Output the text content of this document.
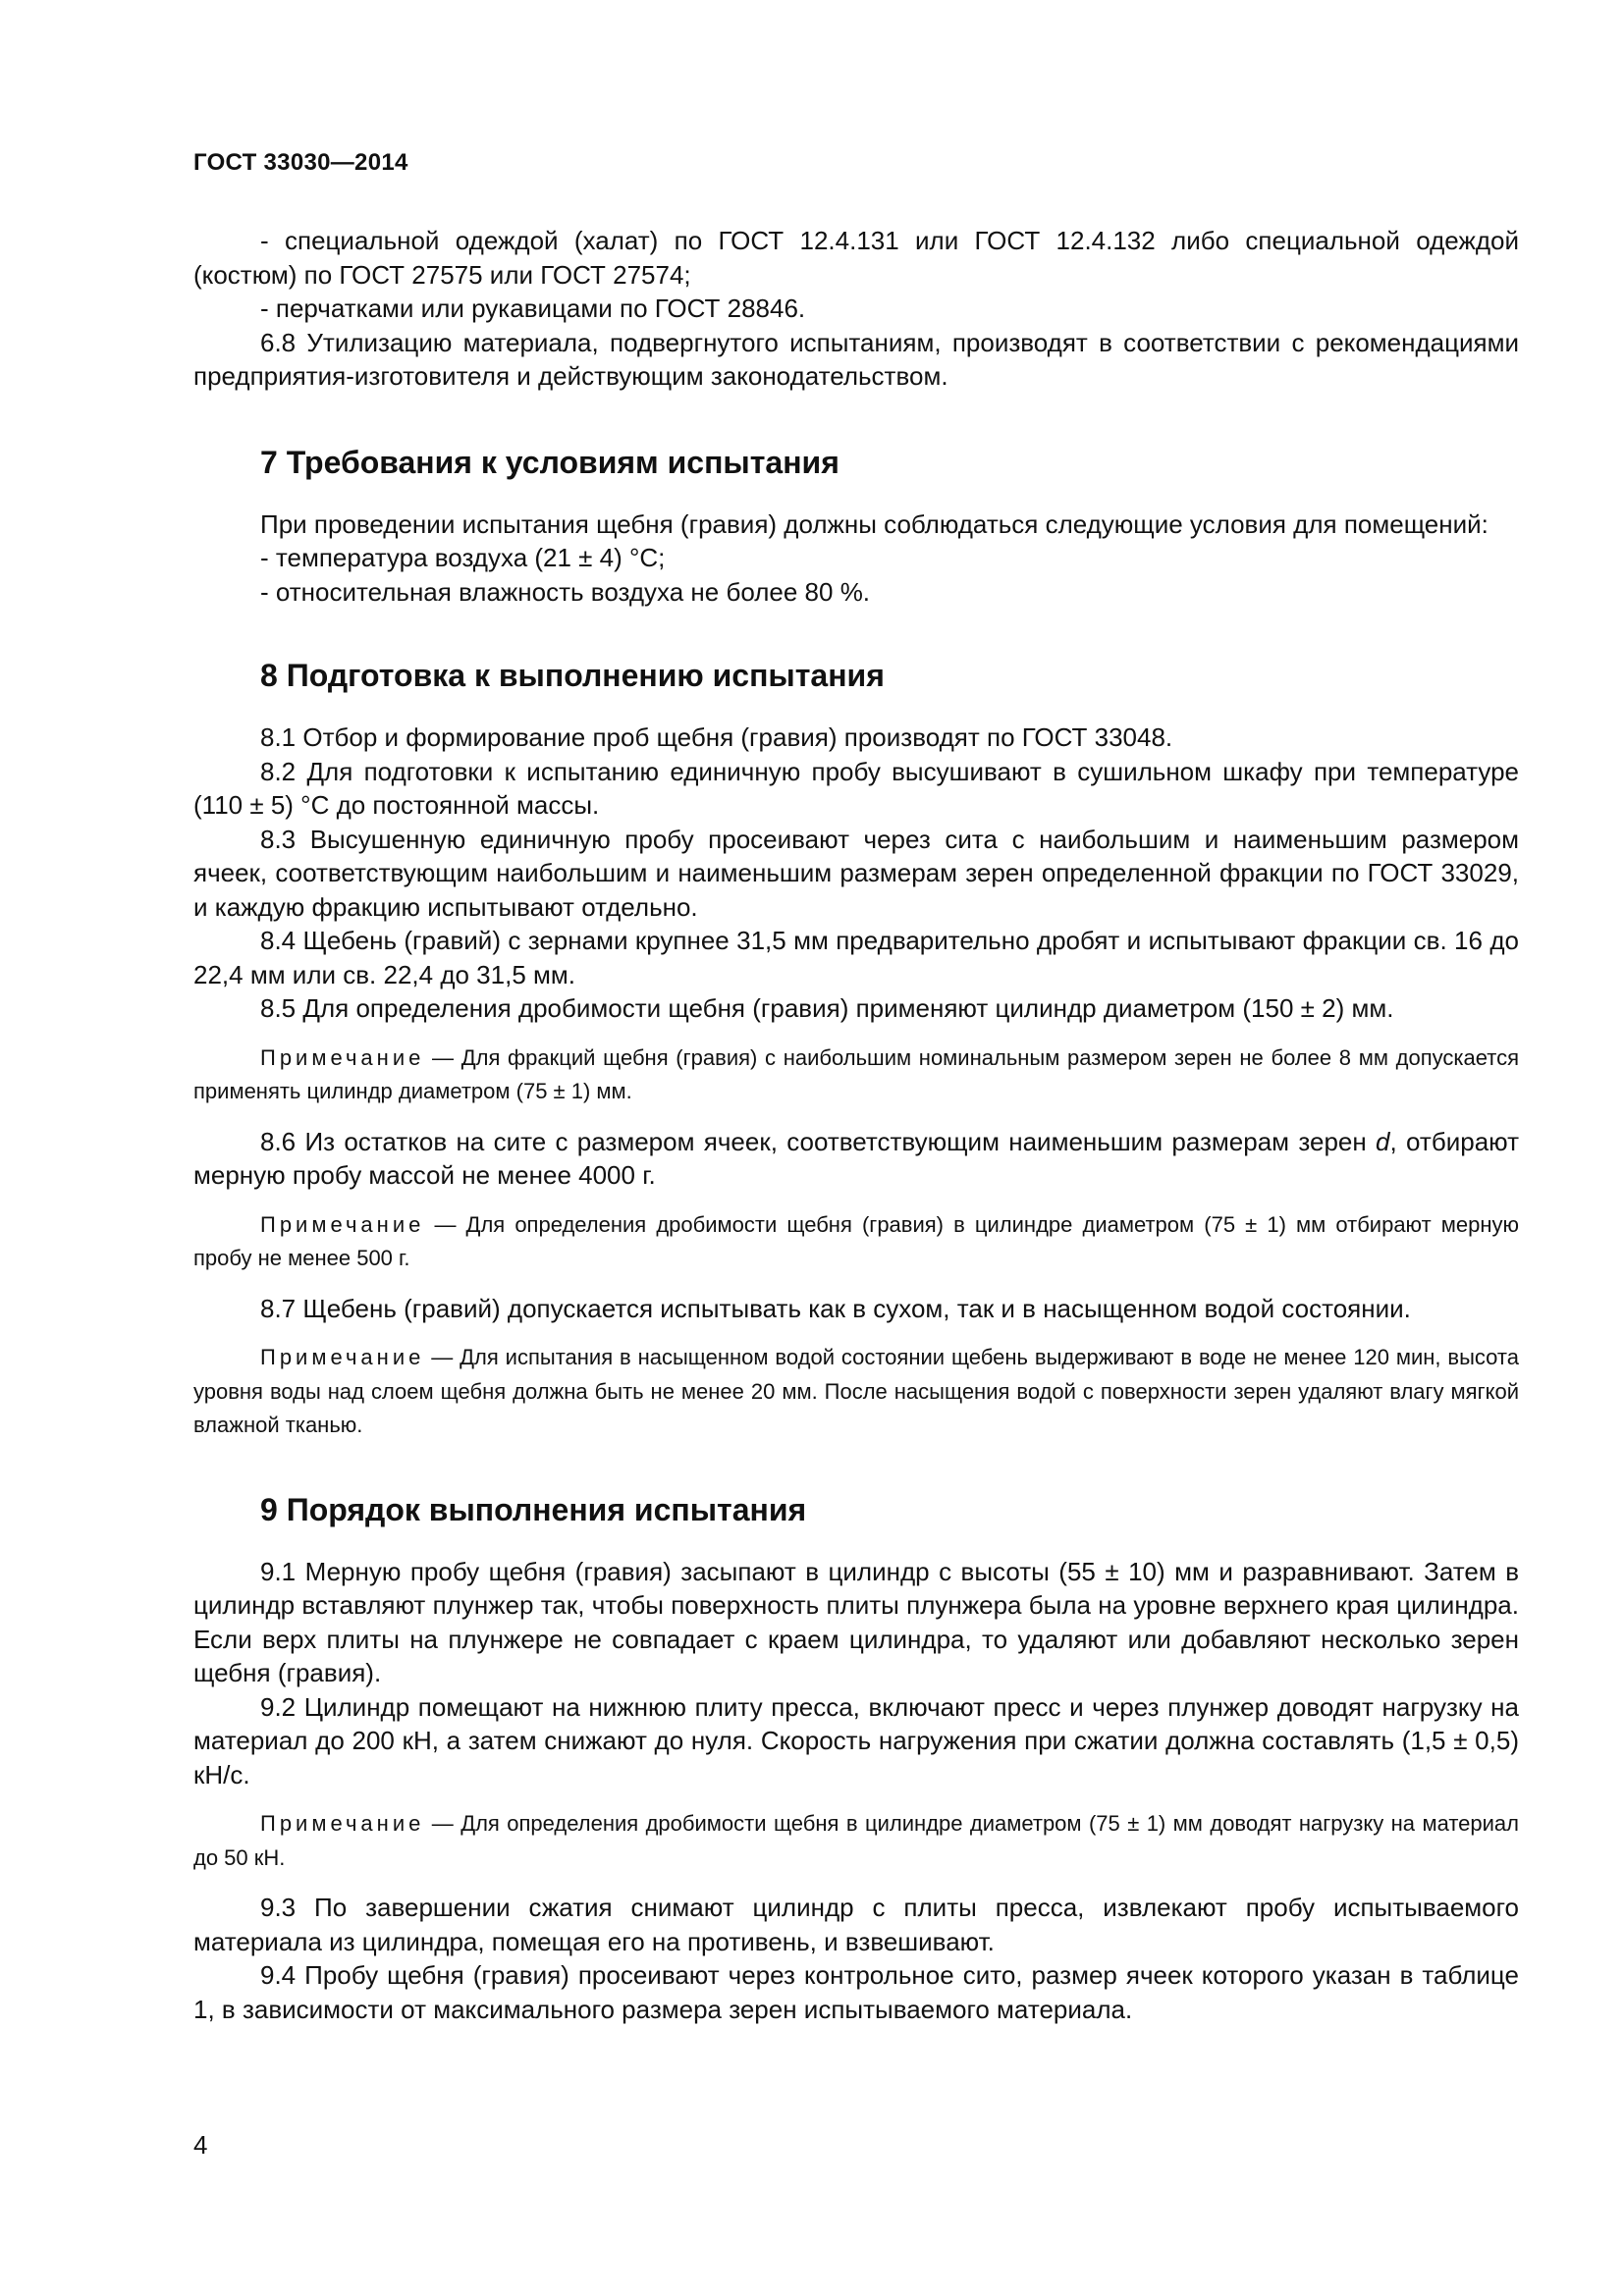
ГОСТ 33030—2014

- специальной одеждой (халат) по ГОСТ 12.4.131 или ГОСТ 12.4.132 либо специальной одеждой (костюм) по ГОСТ 27575 или ГОСТ 27574;

- перчатками или рукавицами по ГОСТ 28846.

6.8 Утилизацию материала, подвергнутого испытаниям, производят в соответствии с рекомендациями предприятия-изготовителя и действующим законодательством.

7 Требования к условиям испытания

При проведении испытания щебня (гравия) должны соблюдаться следующие условия для помещений:

- температура воздуха (21 ± 4) °С;

- относительная влажность воздуха не более 80 %.

8 Подготовка к выполнению испытания

8.1 Отбор и формирование проб щебня (гравия) производят по ГОСТ 33048.

8.2 Для подготовки к испытанию единичную пробу высушивают в сушильном шкафу при температуре (110 ± 5) °С до постоянной массы.

8.3 Высушенную единичную пробу просеивают через сита с наибольшим и наименьшим размером ячеек, соответствующим наибольшим и наименьшим размерам зерен определенной фракции по ГОСТ 33029, и каждую фракцию испытывают отдельно.

8.4 Щебень (гравий) с зернами крупнее 31,5 мм предварительно дробят и испытывают фракции св. 16 до 22,4 мм или св. 22,4 до 31,5 мм.

8.5 Для определения дробимости щебня (гравия) применяют цилиндр диаметром (150 ± 2) мм.

Примечание — Для фракций щебня (гравия) с наибольшим номинальным размером зерен не более 8 мм допускается применять цилиндр диаметром (75 ± 1) мм.

8.6 Из остатков на сите с размером ячеек, соответствующим наименьшим размерам зерен d, отбирают мерную пробу массой не менее 4000 г.

Примечание — Для определения дробимости щебня (гравия) в цилиндре диаметром (75 ± 1) мм отбирают мерную пробу не менее 500 г.

8.7 Щебень (гравий) допускается испытывать как в сухом, так и в насыщенном водой состоянии.

Примечание — Для испытания в насыщенном водой состоянии щебень выдерживают в воде не менее 120 мин, высота уровня воды над слоем щебня должна быть не менее 20 мм. После насыщения водой с поверхности зерен удаляют влагу мягкой влажной тканью.

9 Порядок выполнения испытания

9.1 Мерную пробу щебня (гравия) засыпают в цилиндр с высоты (55 ± 10) мм и разравнивают. Затем в цилиндр вставляют плунжер так, чтобы поверхность плиты плунжера была на уровне верхнего края цилиндра. Если верх плиты на плунжере не совпадает с краем цилиндра, то удаляют или добавляют несколько зерен щебня (гравия).

9.2 Цилиндр помещают на нижнюю плиту пресса, включают пресс и через плунжер доводят нагрузку на материал до 200 кН, а затем снижают до нуля. Скорость нагружения при сжатии должна составлять (1,5 ± 0,5) кН/с.

Примечание — Для определения дробимости щебня в цилиндре диаметром (75 ± 1) мм доводят нагрузку на материал до 50 кН.

9.3 По завершении сжатия снимают цилиндр с плиты пресса, извлекают пробу испытываемого материала из цилиндра, помещая его на противень, и взвешивают.

9.4 Пробу щебня (гравия) просеивают через контрольное сито, размер ячеек которого указан в таблице 1, в зависимости от максимального размера зерен испытываемого материала.

4
